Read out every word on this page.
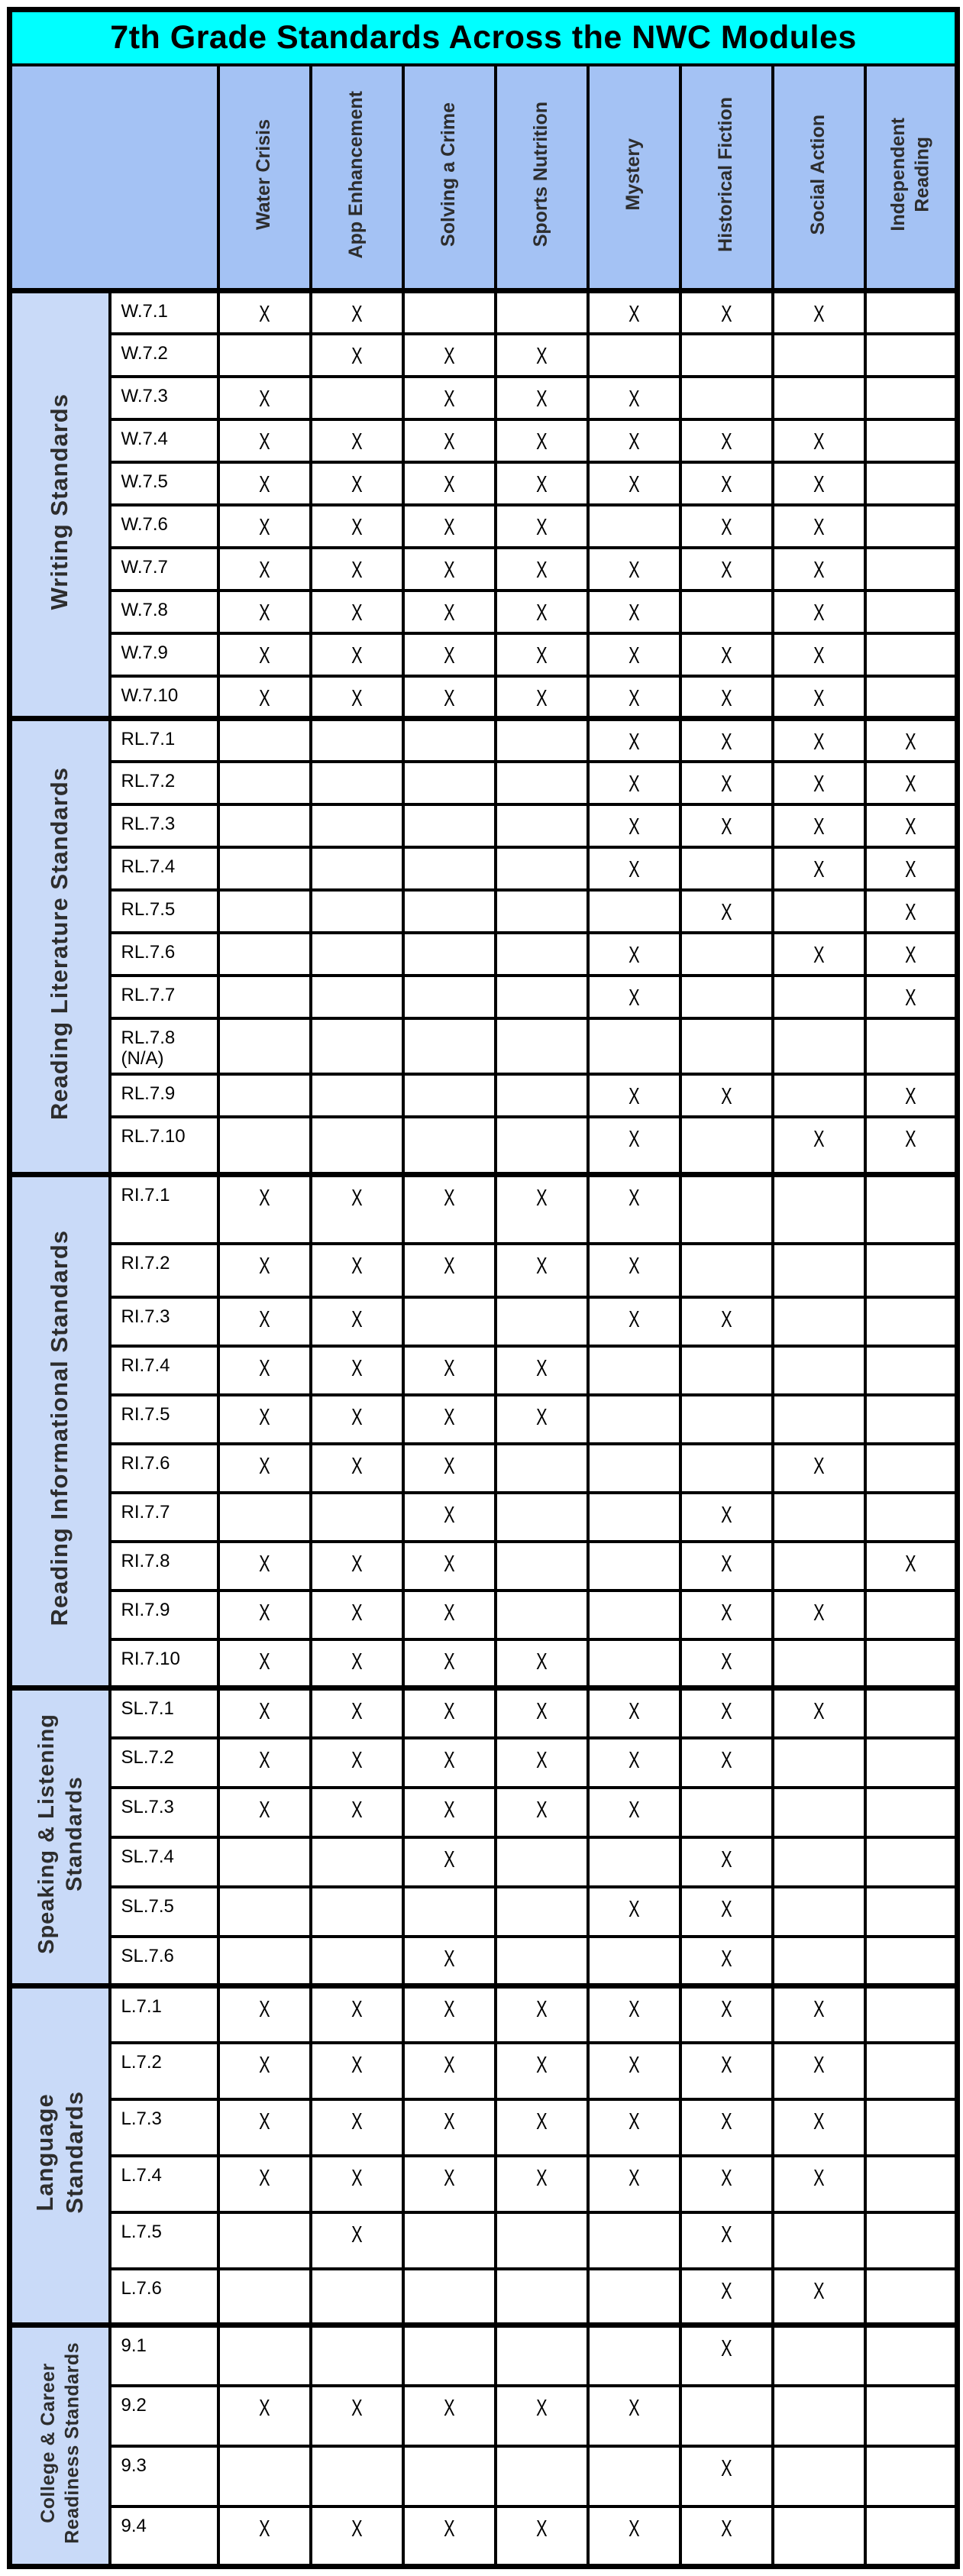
7th Grade Standards Across the NWC Modules									

		Water Crisis	App Enhancement	Solving a Crime	Sports Nutrition	Mystery	Historical Fiction	Social Action	Independent Reading

Writing Standards	W.7.1	X	X			X	X	X	
	W.7.2		X	X	X				
	W.7.3	X		X	X	X			
	W.7.4	X	X	X	X	X	X	X	
	W.7.5	X	X	X	X	X	X	X	
	W.7.6	X	X	X	X		X	X	
	W.7.7	X	X	X	X	X	X	X	
	W.7.8	X	X	X	X	X		X	
	W.7.9	X	X	X	X	X	X	X	
	W.7.10	X	X	X	X	X	X	X	

Reading Literature Standards	RL.7.1					X	X	X	X
	RL.7.2					X	X	X	X
	RL.7.3					X	X	X	X
	RL.7.4					X		X	X
	RL.7.5						X		X
	RL.7.6					X		X	X
	RL.7.7					X			X
	RL.7.8
(N/A)								

	RL.7.9					X	X		X
	RL.7.10					X		X	X

Reading Informational Standards	RI.7.1	X	X	X	X	X			
	RI.7.2	X	X	X	X	X			
	RI.7.3	X	X			X	X		
	RI.7.4	X	X	X	X				
	RI.7.5	X	X	X	X				
	RI.7.6	X	X	X				X	
	RI.7.7			X			X		
	RI.7.8	X	X	X			X		X
	RI.7.9	X	X	X			X	X	
	RI.7.10	X	X	X	X		X		

Speaking & Listening Standards	SL.7.1	X	X	X	X	X	X	X	
	SL.7.2	X	X	X	X	X	X		
	SL.7.3	X	X	X	X	X			
	SL.7.4			X			X		
	SL.7.5					X	X		
	SL.7.6			X			X		

Language Standards	L.7.1	X	X	X	X	X	X	X	
	L.7.2	X	X	X	X	X	X	X	
	L.7.3	X	X	X	X	X	X	X	
	L.7.4	X	X	X	X	X	X	X	
	L.7.5		X				X		
	L.7.6						X	X	

College & Career Readiness Standards	9.1						X		
	9.2	X	X	X	X	X			
	9.3						X		
	9.4	X	X	X	X	X	X		
